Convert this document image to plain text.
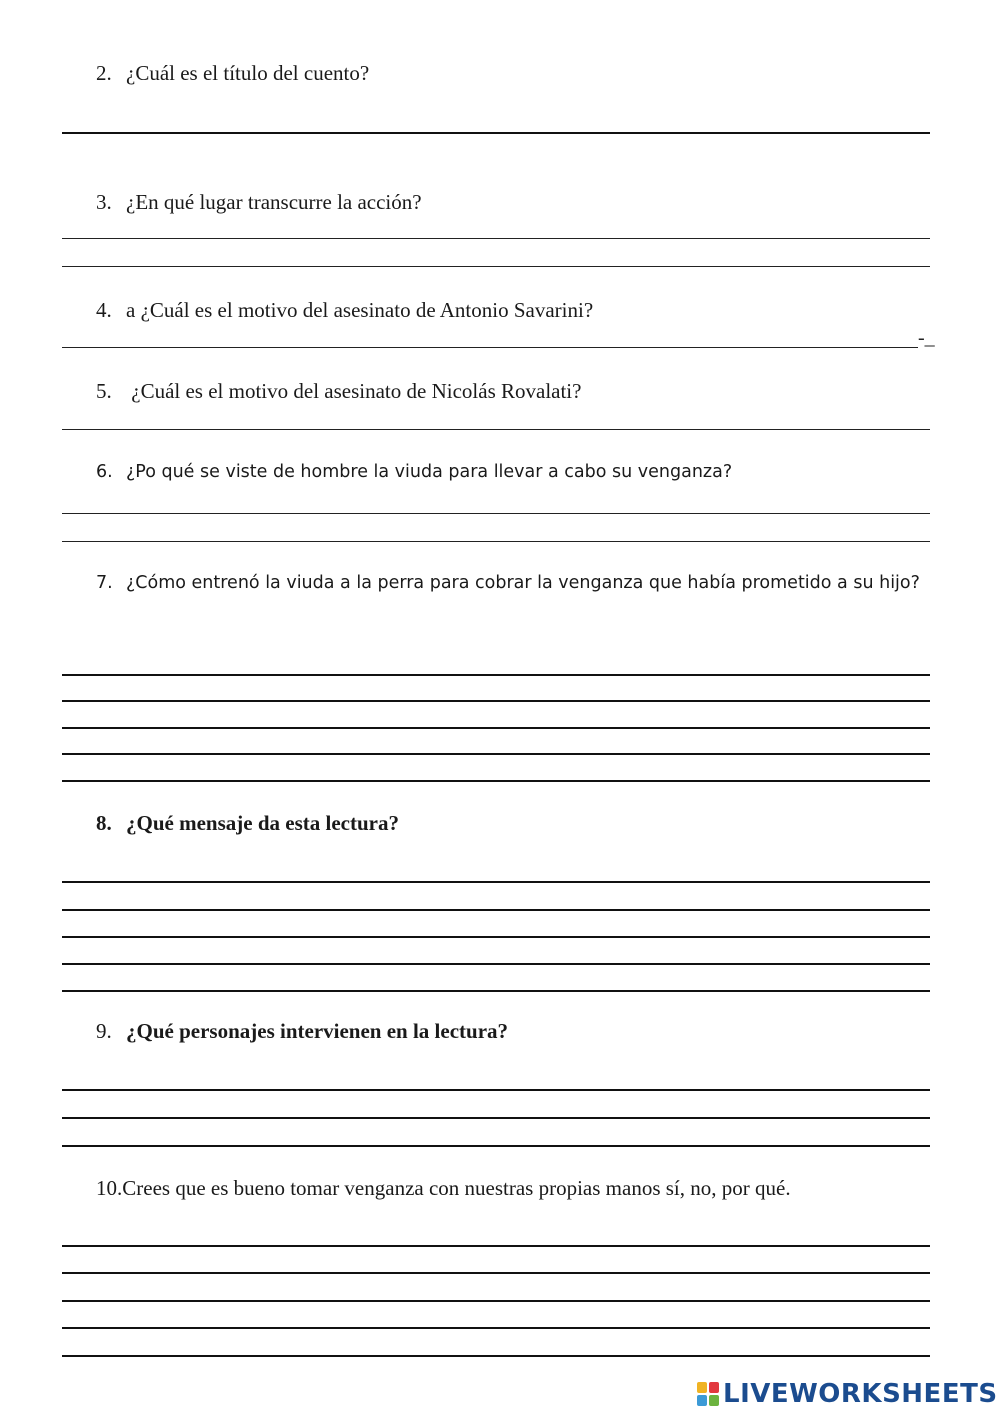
2. ¿Cuál es el título del cuento?
3. ¿En qué lugar transcurre la acción?
4. a ¿Cuál es el motivo del asesinato de Antonio Savarini?
-_
5. ¿Cuál es el motivo del asesinato de Nicolás Rovalati?
6. ¿Po qué se viste de hombre la viuda para llevar a cabo su venganza?
7. ¿Cómo entrenó la viuda a la perra para cobrar la venganza que había prometido a su hijo?
8. ¿Qué mensaje da esta lectura?
9. ¿Qué personajes intervienen en la lectura?
10.Crees que es bueno tomar venganza con nuestras propias manos sí, no, por qué.
LIVEWORKSHEETS
